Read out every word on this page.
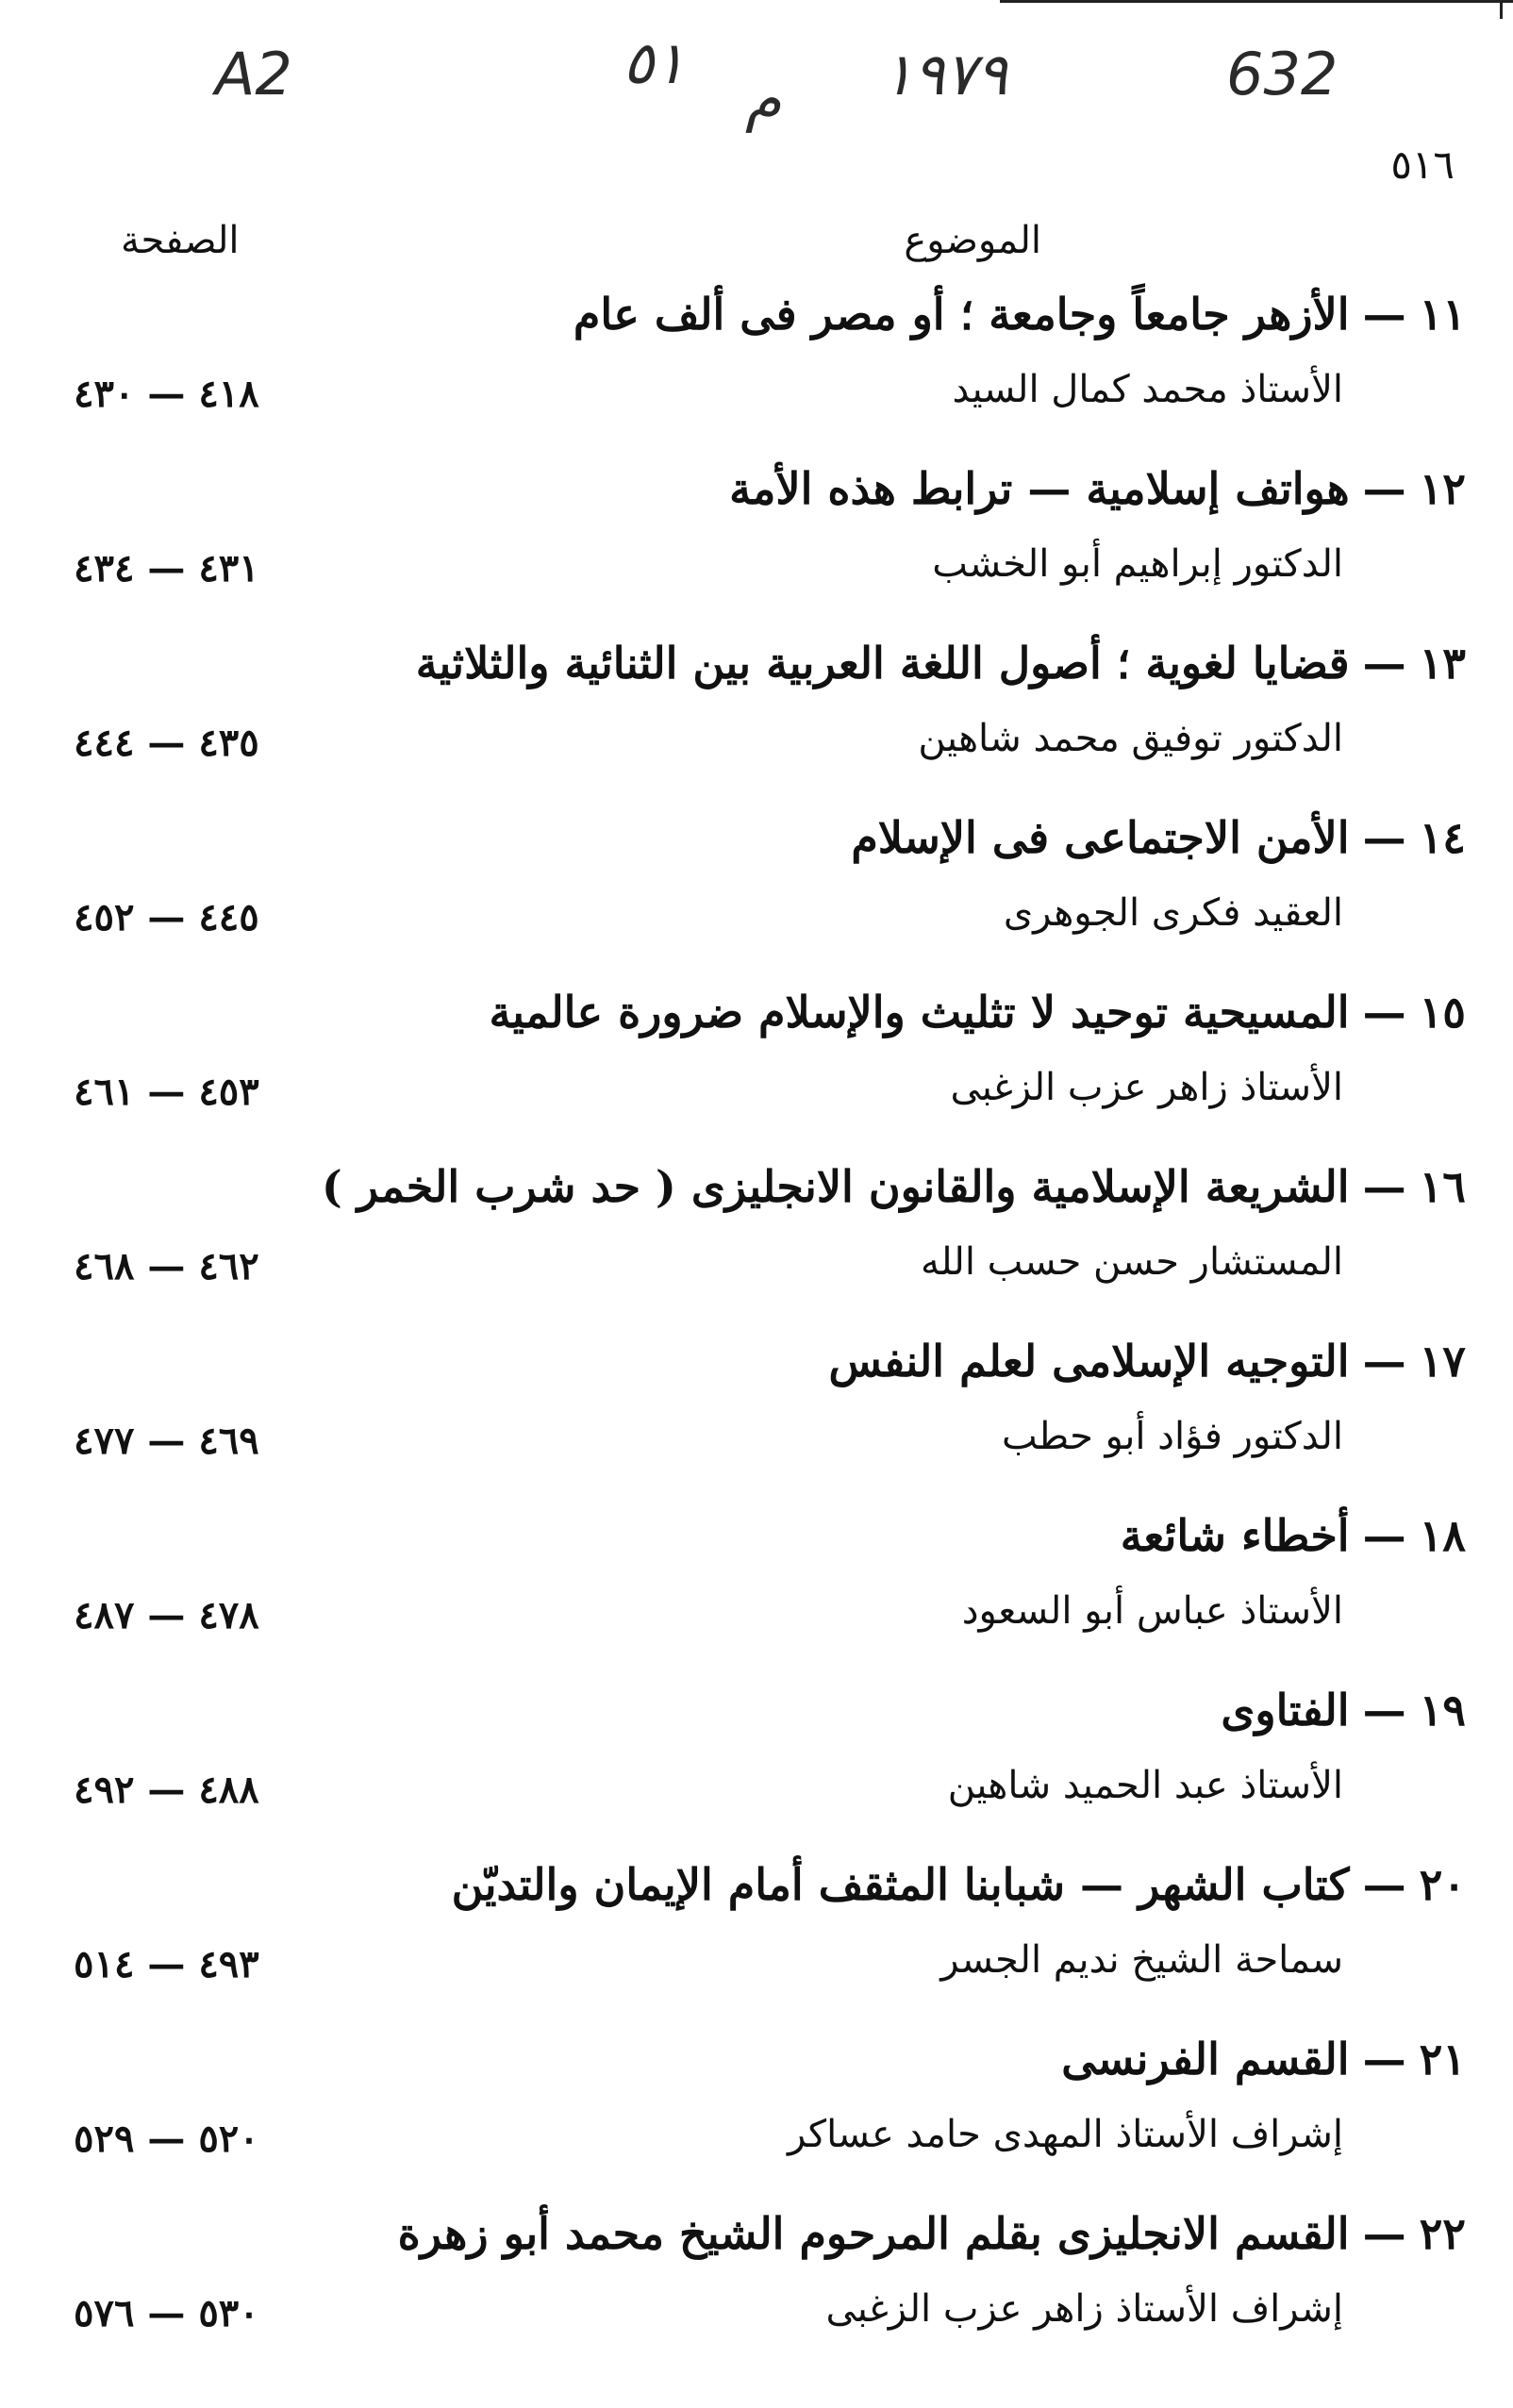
A2	٥١
م ١٩٧٩	632
٥١٦
الموضوع
الصفحة
١١—الأزهر جامعاً وجامعة ؛ أو مصر فى ألف عام
الأستاذ محمد كمال السيد
٤١٨ — ٤٣٠
١٢—هواتف إسلامية — ترابط هذه الأمة
الدكتور إبراهيم أبو الخشب
٤٣١ — ٤٣٤
١٣—قضايا لغوية ؛ أصول اللغة العربية بين الثنائية والثلاثية
الدكتور توفيق محمد شاهين
٤٣٥ — ٤٤٤
١٤—الأمن الاجتماعى فى الإسلام
العقيد فكرى الجوهرى
٤٤٥ — ٤٥٢
١٥—المسيحية توحيد لا تثليث والإسلام ضرورة عالمية
الأستاذ زاهر عزب الزغبى
٤٥٣ — ٤٦١
١٦—الشريعة الإسلامية والقانون الانجليزى ( حد شرب الخمر )
المستشار حسن حسب الله
٤٦٢ — ٤٦٨
١٧—التوجيه الإسلامى لعلم النفس
الدكتور فؤاد أبو حطب
٤٦٩ — ٤٧٧
١٨—أخطاء شائعة
الأستاذ عباس أبو السعود
٤٧٨ — ٤٨٧
١٩—الفتاوى
الأستاذ عبد الحميد شاهين
٤٨٨ — ٤٩٢
٢٠—كتاب الشهر — شبابنا المثقف أمام الإيمان والتديّن
سماحة الشيخ نديم الجسر
٤٩٣ — ٥١٤
٢١—القسم الفرنسى
إشراف الأستاذ المهدى حامد عساكر
٥٢٠ — ٥٢٩
٢٢—القسم الانجليزى بقلم المرحوم الشيخ محمد أبو زهرة
إشراف الأستاذ زاهر عزب الزغبى
٥٣٠ — ٥٧٦
